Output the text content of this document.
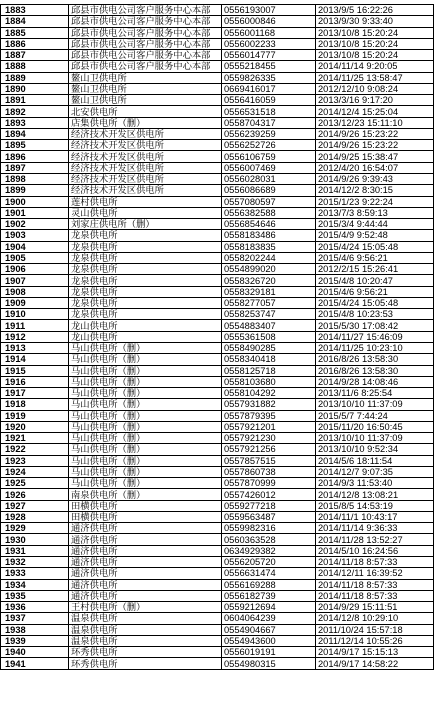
1883	邱县市供电公司客户服务中心本部	0556193007	2013/9/5 16:22:26
1884	邱县市供电公司客户服务中心本部	0556000846	2013/9/30 9:33:40
1885	邱县市供电公司客户服务中心本部	0556001168	2013/10/8 15:20:24
1886	邱县市供电公司客户服务中心本部	0556002233	2013/10/8 15:20:24
1887	邱县市供电公司客户服务中心本部	0556014777	2013/10/8 15:20:24
1888	邱县市供电公司客户服务中心本部	0555218455	2014/11/14 9:20:05
1889	鳌山卫供电所	0559826335	2014/11/25 13:58:47
1890	鳌山卫供电所	0669416017	2012/12/10 9:08:24
1891	鳌山卫供电所	0556416059	2013/3/16 9:17:20
1892	北安供电所	0556531518	2014/12/4 15:25:04
1893	店集供电所（删）	0558704317	2013/12/23 15:11:10
1894	经济技术开发区供电所	0556239259	2014/9/26 15:23:22
1895	经济技术开发区供电所	0556252726	2014/9/26 15:23:22
1896	经济技术开发区供电所	0556106759	2014/9/25 15:38:47
1897	经济技术开发区供电所	0556007469	2012/4/20 16:54:07
1898	经济技术开发区供电所	0556028031	2014/9/26 9:39:43
1899	经济技术开发区供电所	0556086689	2014/12/2 8:30:15
1900	莲村供电所	0557080597	2015/1/23 9:22:24
1901	灵山供电所	0556382588	2013/7/3 8:59:13
1902	刘家庄供电所（删）	0556854646	2015/3/4 9:44:44
1903	龙泉供电所	0558183486	2015/4/9 9:52:48
1904	龙泉供电所	0558183835	2015/4/24 15:05:48
1905	龙泉供电所	0558202244	2015/4/6 9:56:21
1906	龙泉供电所	0554899020	2012/2/15 15:26:41
1907	龙泉供电所	0558326720	2015/4/8 10:20:47
1908	龙泉供电所	0558329181	2015/4/6 9:56:21
1909	龙泉供电所	0558277057	2015/4/24 15:05:48
1910	龙泉供电所	0558253747	2015/4/8 10:23:53
1911	龙山供电所	0554883407	2015/5/30 17:08:42
1912	龙山供电所	0555361508	2014/11/27 15:46:09
1913	马山供电所（删）	0558490285	2014/11/25 10:23:10
1914	马山供电所（删）	0558340418	2016/8/26 13:58:30
1915	马山供电所（删）	0558125718	2016/8/26 13:58:30
1916	马山供电所（删）	0558103680	2014/9/28 14:08:46
1917	马山供电所（删）	0558104292	2013/11/6 8:25:54
1918	马山供电所（删）	0557931882	2013/10/10 11:37:09
1919	马山供电所（删）	0557879395	2015/5/7 7:44:24
1920	马山供电所（删）	0557921201	2015/11/20 16:50:45
1921	马山供电所（删）	0557921230	2013/10/10 11:37:09
1922	马山供电所（删）	0557921256	2013/10/10 9:52:34
1923	马山供电所（删）	0557857515	2014/5/6 18:11:54
1924	马山供电所（删）	0557860738	2014/12/7 9:07:35
1925	马山供电所（删）	0557870999	2014/9/3 11:53:40
1926	南泉供电所（删）	0557426012	2014/12/8 13:08:21
1927	田横供电所	0559277218	2015/8/5 14:53:19
1928	田横供电所	0559563487	2014/11/1 10:43:17
1929	通济供电所	0559982316	2014/11/14 9:36:33
1930	通济供电所	0560363528	2014/11/28 13:52:27
1931	通济供电所	0634929382	2014/5/10 16:24:56
1932	通济供电所	0556205720	2014/11/18 8:57:33
1933	通济供电所	0556631474	2014/12/11 16:39:52
1934	通济供电所	0556169288	2014/11/18 8:57:33
1935	通济供电所	0556182739	2014/11/18 8:57:33
1936	王村供电所（删）	0559212694	2014/9/29 15:11:51
1937	温泉供电所	0604064239	2014/12/8 10:29:10
1938	温泉供电所	0554904667	2011/10/24 15:57:18
1939	温泉供电所	0554943600	2011/12/14 10:55:26
1940	环秀供电所	0556019191	2014/9/17 15:15:13
1941	环秀供电所	0554980315	2014/9/17 14:58:22
